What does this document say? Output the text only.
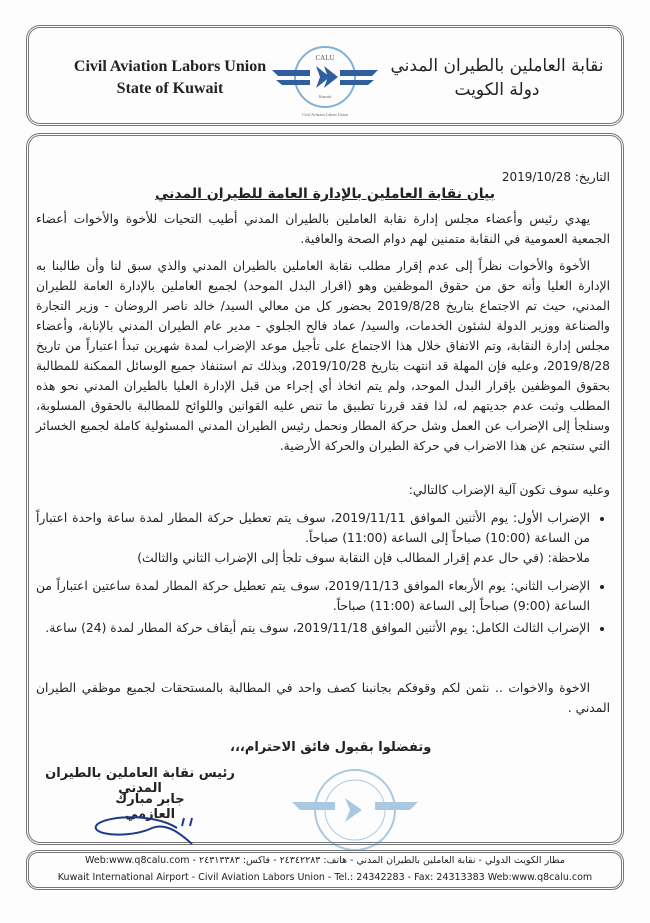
Civil Aviation Labors Union
State of Kuwait
نقابة العاملين بالطيران المدني
دولة الكويت
CALU
Kuwait
Civil Aviation Labors Union
التاريخ: 2019/10/28
بيان نقابة العاملين بالإدارة العامة للطيران المدني

يهدي رئيس وأعضاء مجلس إدارة نقابة العاملين بالطيران المدني أطيب التحيات للأخوة والأخوات أعضاء الجمعية العمومية في النقابة متمنين لهم دوام الصحة والعافية.

الأخوة والأخوات نظراً إلى عدم إقرار مطلب نقابة العاملين بالطيران المدني والذي سبق لنا وأن طالبنا به الإدارة العليا وأنه حق من حقوق الموظفين وهو (اقرار البدل الموحد) لجميع العاملين بالإدارة العامة للطيران المدني، حيث تم الاجتماع بتاريخ 2019/8/28 بحضور كل من معالي السيد/ خالد ناصر الروضان - وزير التجارة والصناعة ووزير الدولة لشئون الخدمات، والسيد/ عماد فالح الجلوي - مدير عام الطيران المدني بالإنابة، وأعضاء مجلس إدارة النقابة، وتم الاتفاق خلال هذا الاجتماع على تأجيل موعد الإضراب لمدة شهرين تبدأ اعتباراً من تاريخ 2019/8/28، وعليه فإن المهلة قد انتهت بتاريخ 2019/10/28، وبذلك تم استنفاذ جميع الوسائل الممكنة للمطالبة بحقوق الموظفين بإقرار البدل الموحد، ولم يتم اتخاذ أي إجراء من قبل الإدارة العليا بالطيران المدني نحو هذه المطلب وثبت عدم جديتهم له، لذا فقد قررنا تطبيق ما تنص عليه القوانين واللوائح للمطالبة بالحقوق المسلوبة، وسنلجأ إلى الإضراب عن العمل وشل حركة المطار ونحمل رئيس الطيران المدني المسئولية كاملة لجميع الخسائر التي ستنجم عن هذا الاضراب في حركة الطيران والحركة الأرضية.

وعليه سوف تكون آلية الإضراب كالتالي:
• الإضراب الأول: يوم الأثنين الموافق 2019/11/11، سوف يتم تعطيل حركة المطار لمدة ساعة واحدة اعتباراً من الساعة (10:00) صباحاً إلى الساعة (11:00) صباحاً.
ملاحظة: (في حال عدم إقرار المطالب فإن النقابة سوف تلجأ إلى الإضراب الثاني والثالث)
• الإضراب الثاني: يوم الأربعاء الموافق 2019/11/13، سوف يتم تعطيل حركة المطار لمدة ساعتين اعتباراً من الساعة (9:00) صباحاً إلى الساعة (11:00) صباحاً.
• الإضراب الثالث الكامل: يوم الأثنين الموافق 2019/11/18، سوف يتم أيقاف حركة المطار لمدة (24) ساعة.

الاخوة والاخوات .. نثمن لكم وقوفكم بجانبنا كصف واحد في المطالبة بالمستحقات لجميع موظفي الطيران المدني .

وتفضلوا بقبول فائق الاحترام،،،
رئيس نقابة العاملين بالطيران المدني
جابر مبارك العازمي
مطار الكويت الدولي - نقابة العاملين بالطيران المدني - هاتف: ٢٤٣٤٢٢٨٣ - فاكس: ٢٤٣١٣٣٨٣ - Web:www.q8calu.com
Kuwait International Airport - Civil Aviation Labors Union - Tel.: 24342283 - Fax: 24313383 Web:www.q8calu.com
